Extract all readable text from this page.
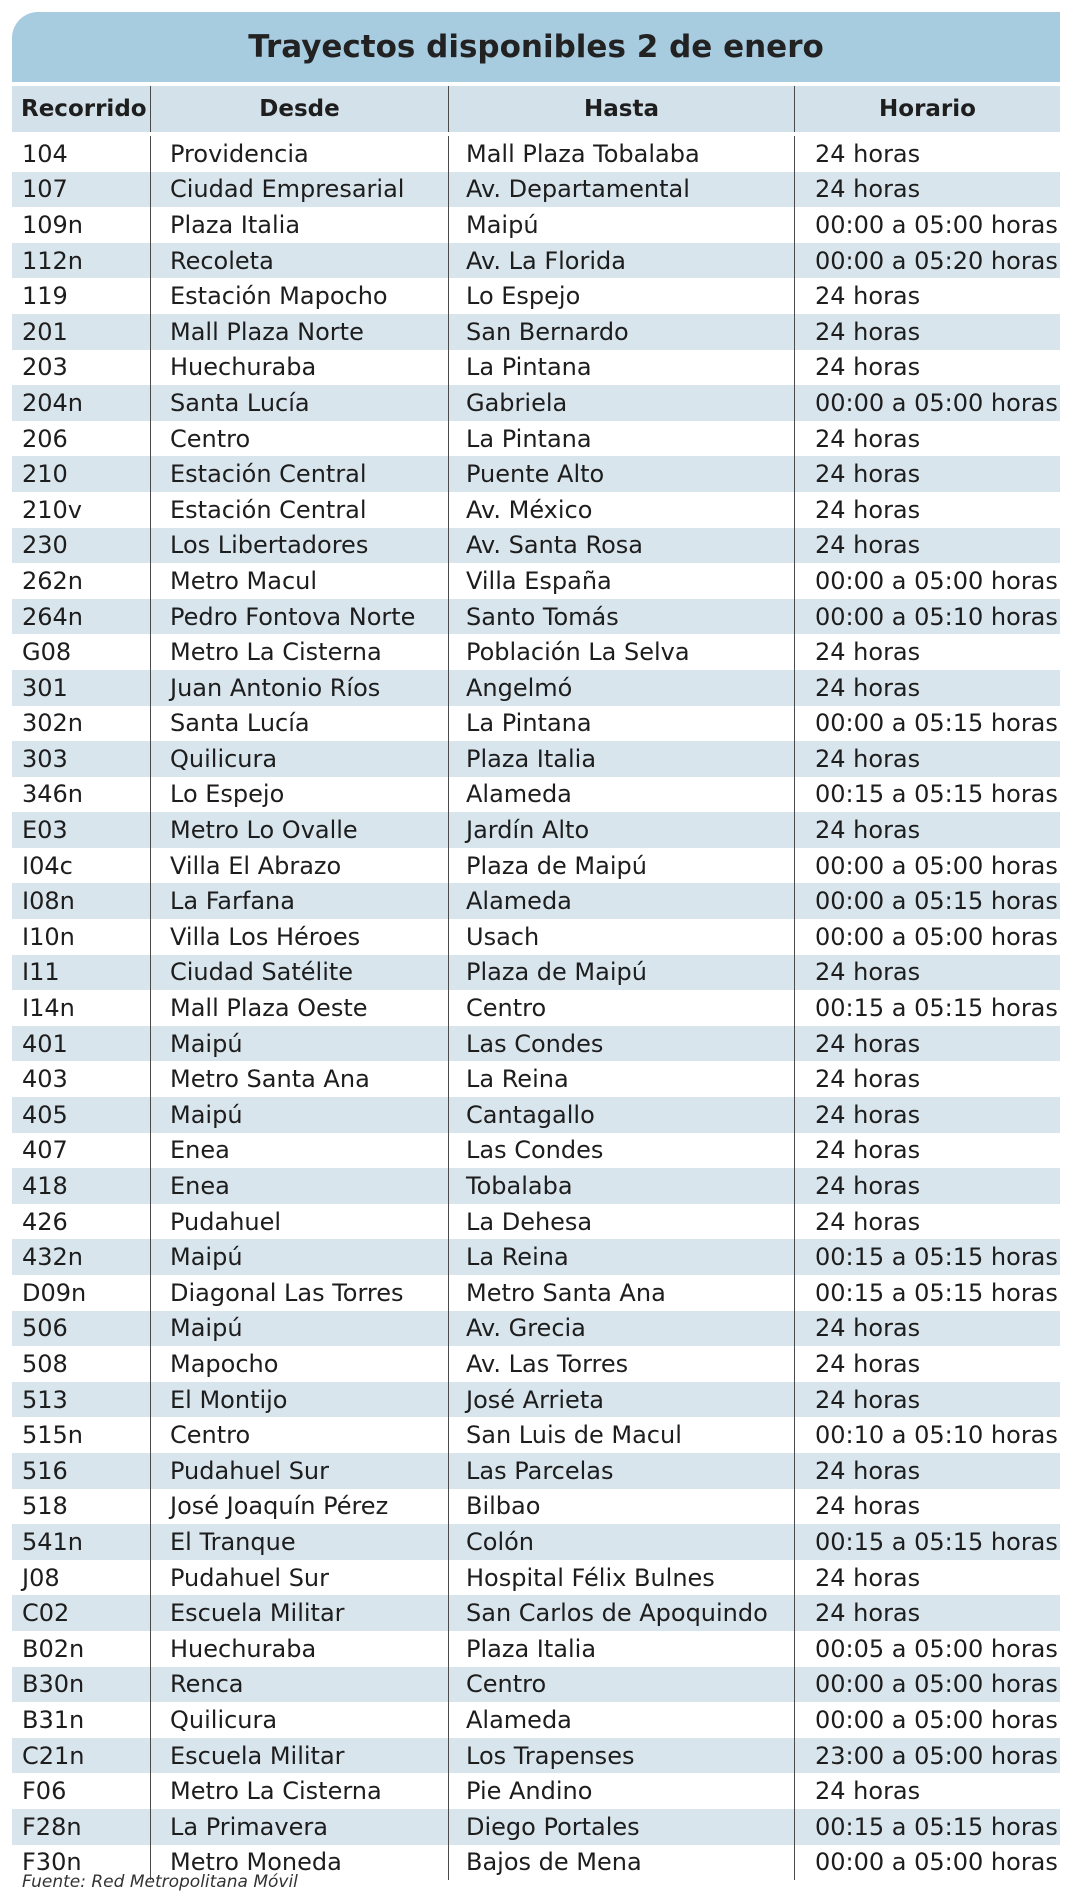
Trayectos disponibles 2 de enero
Recorrido	Desde	Hasta	Horario
104	Providencia	Mall Plaza Tobalaba	24 horas
107	Ciudad Empresarial	Av. Departamental	24 horas
109n	Plaza Italia	Maipú	00:00 a 05:00 horas
112n	Recoleta	Av. La Florida	00:00 a 05:20 horas
119	Estación Mapocho	Lo Espejo	24 horas
201	Mall Plaza Norte	San Bernardo	24 horas
203	Huechuraba	La Pintana	24 horas
204n	Santa Lucía	Gabriela	00:00 a 05:00 horas
206	Centro	La Pintana	24 horas
210	Estación Central	Puente Alto	24 horas
210v	Estación Central	Av. México	24 horas
230	Los Libertadores	Av. Santa Rosa	24 horas
262n	Metro Macul	Villa España	00:00 a 05:00 horas
264n	Pedro Fontova Norte	Santo Tomás	00:00 a 05:10 horas
G08	Metro La Cisterna	Población La Selva	24 horas
301	Juan Antonio Ríos	Angelmó	24 horas
302n	Santa Lucía	La Pintana	00:00 a 05:15 horas
303	Quilicura	Plaza Italia	24 horas
346n	Lo Espejo	Alameda	00:15 a 05:15 horas
E03	Metro Lo Ovalle	Jardín Alto	24 horas
I04c	Villa El Abrazo	Plaza de Maipú	00:00 a 05:00 horas
I08n	La Farfana	Alameda	00:00 a 05:15 horas
I10n	Villa Los Héroes	Usach	00:00 a 05:00 horas
I11	Ciudad Satélite	Plaza de Maipú	24 horas
I14n	Mall Plaza Oeste	Centro	00:15 a 05:15 horas
401	Maipú	Las Condes	24 horas
403	Metro Santa Ana	La Reina	24 horas
405	Maipú	Cantagallo	24 horas
407	Enea	Las Condes	24 horas
418	Enea	Tobalaba	24 horas
426	Pudahuel	La Dehesa	24 horas
432n	Maipú	La Reina	00:15 a 05:15 horas
D09n	Diagonal Las Torres	Metro Santa Ana	00:15 a 05:15 horas
506	Maipú	Av. Grecia	24 horas
508	Mapocho	Av. Las Torres	24 horas
513	El Montijo	José Arrieta	24 horas
515n	Centro	San Luis de Macul	00:10 a 05:10 horas
516	Pudahuel Sur	Las Parcelas	24 horas
518	José Joaquín Pérez	Bilbao	24 horas
541n	El Tranque	Colón	00:15 a 05:15 horas
J08	Pudahuel Sur	Hospital Félix Bulnes	24 horas
C02	Escuela Militar	San Carlos de Apoquindo	24 horas
B02n	Huechuraba	Plaza Italia	00:05 a 05:00 horas
B30n	Renca	Centro	00:00 a 05:00 horas
B31n	Quilicura	Alameda	00:00 a 05:00 horas
C21n	Escuela Militar	Los Trapenses	23:00 a 05:00 horas
F06	Metro La Cisterna	Pie Andino	24 horas
F28n	La Primavera	Diego Portales	00:15 a 05:15 horas
F30n	Metro Moneda	Bajos de Mena	00:00 a 05:00 horas
Fuente: Red Metropolitana Móvil
